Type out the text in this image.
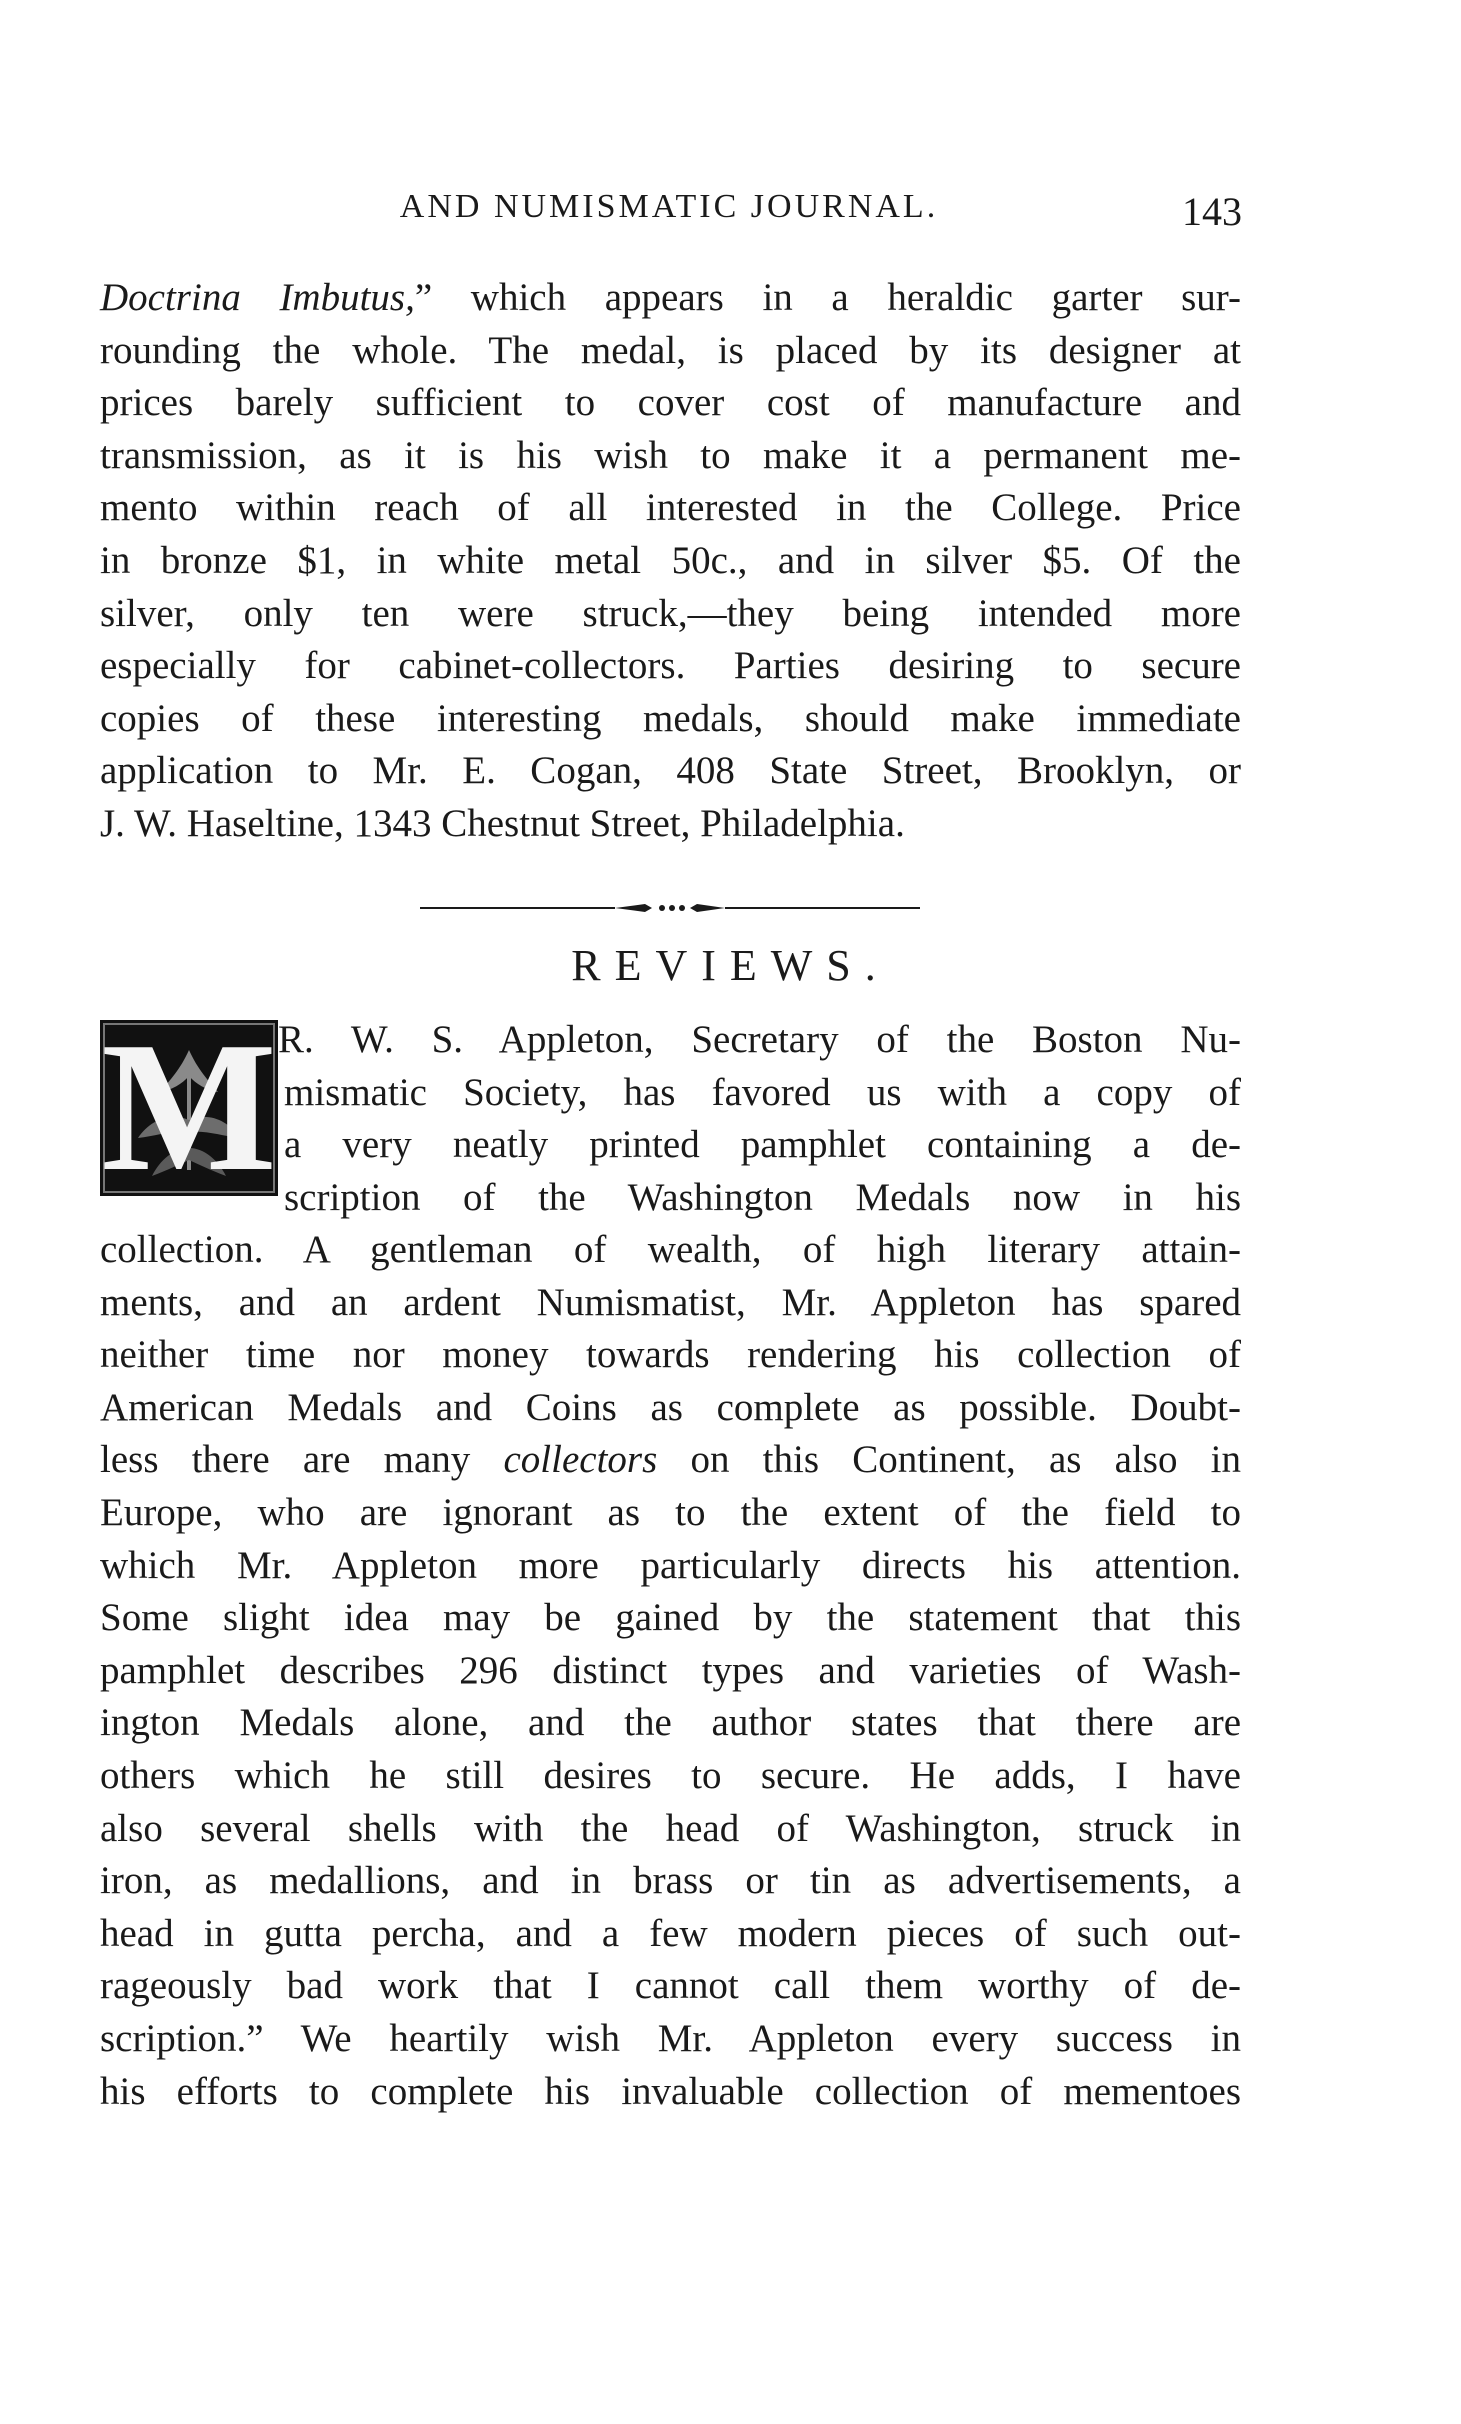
AND NUMISMATIC JOURNAL.	143
Doctrina Imbutus,” which appears in a heraldic garter sur-
rounding the whole. The medal, is placed by its designer at
prices barely sufficient to cover cost of manufacture and
transmission, as it is his wish to make it a permanent me-
mento within reach of all interested in the College. Price
in bronze $1, in white metal 50c., and in silver $5. Of the
silver, only ten were struck,—they being intended more
especially for cabinet-collectors. Parties desiring to secure
copies of these interesting medals, should make immediate
application to Mr. E. Cogan, 408 State Street, Brooklyn, or
J. W. Haseltine, 1343 Chestnut Street, Philadelphia.
REVIEWS.
M R. W. S. Appleton, Secretary of the Boston Nu-
mismatic Society, has favored us with a copy of
a very neatly printed pamphlet containing a de-
scription of the Washington Medals now in his
collection. A gentleman of wealth, of high literary attain-
ments, and an ardent Numismatist, Mr. Appleton has spared
neither time nor money towards rendering his collection of
American Medals and Coins as complete as possible. Doubt-
less there are many collectors on this Continent, as also in
Europe, who are ignorant as to the extent of the field to
which Mr. Appleton more particularly directs his attention.
Some slight idea may be gained by the statement that this
pamphlet describes 296 distinct types and varieties of Wash-
ington Medals alone, and the author states that there are
others which he still desires to secure. He adds, I have
also several shells with the head of Washington, struck in
iron, as medallions, and in brass or tin as advertisements, a
head in gutta percha, and a few modern pieces of such out-
rageously bad work that I cannot call them worthy of de-
scription.” We heartily wish Mr. Appleton every success in
his efforts to complete his invaluable collection of mementoes
